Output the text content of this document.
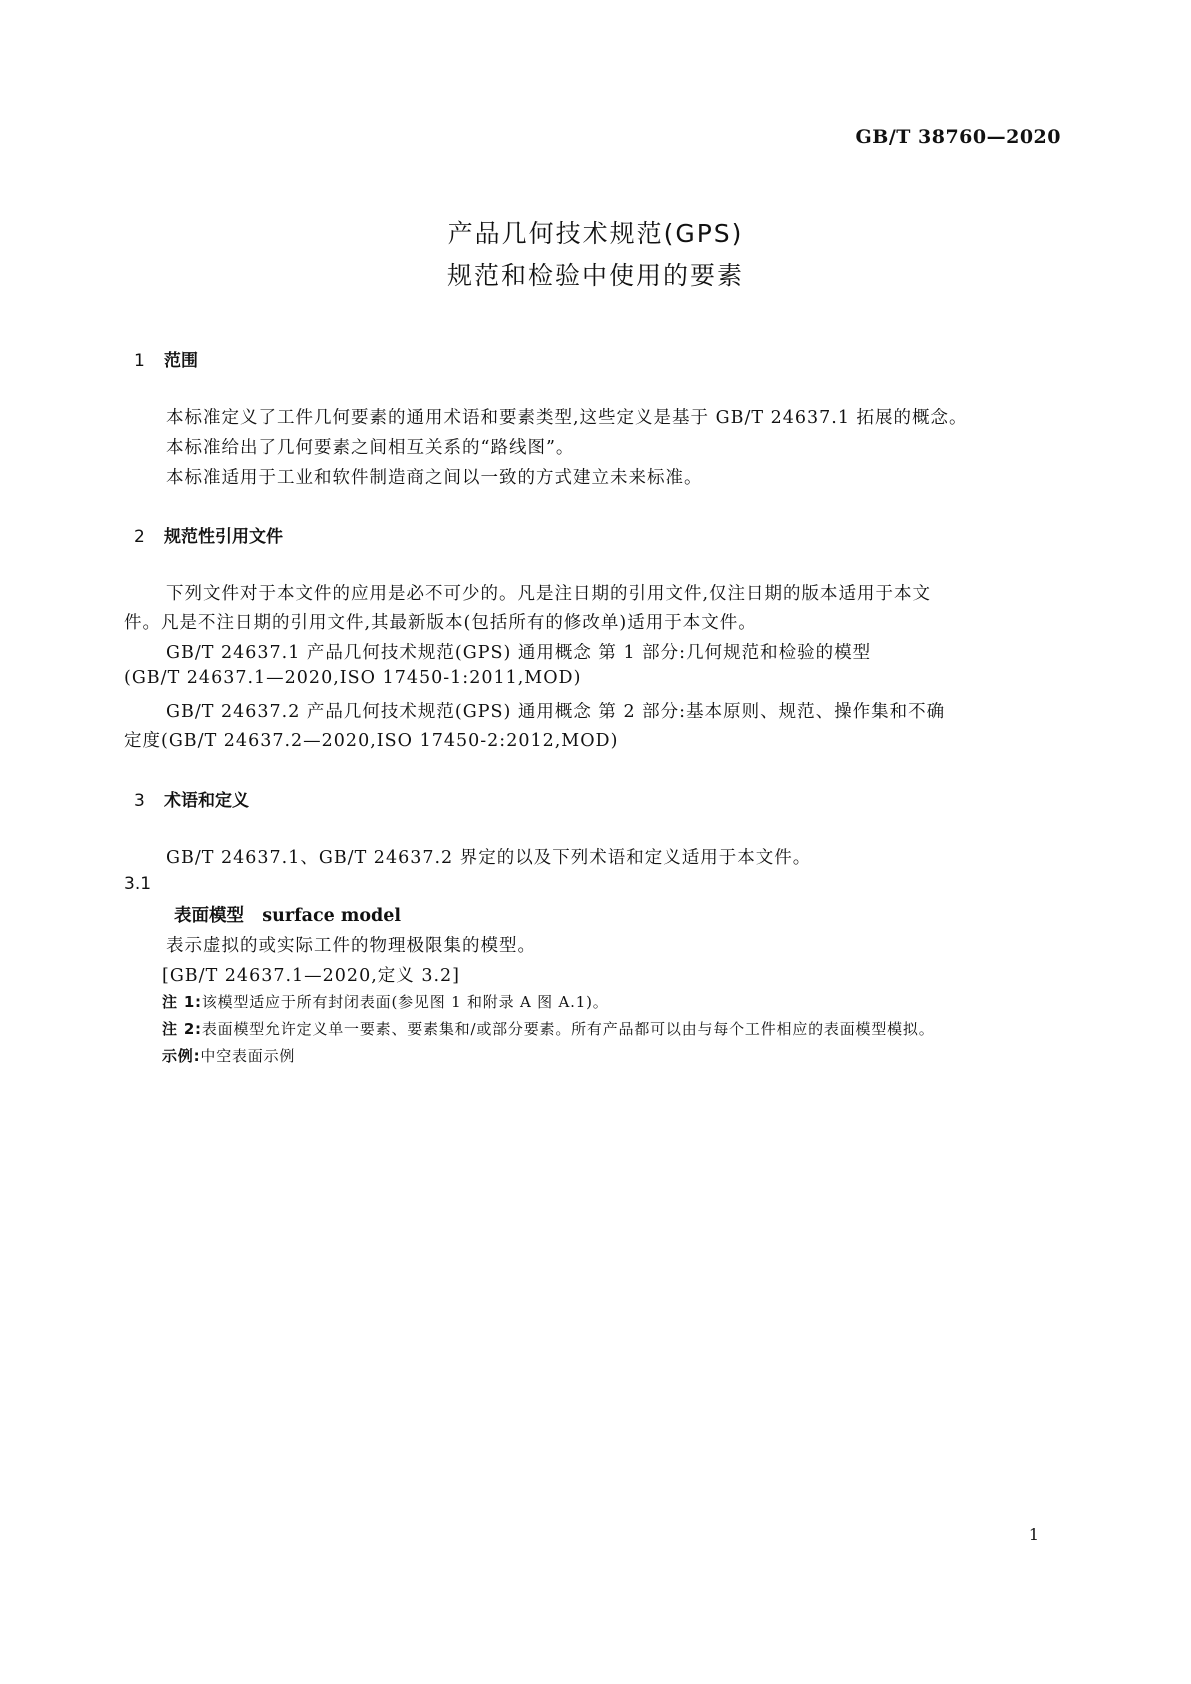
GB/T 38760—2020
产品几何技术规范(GPS)
规范和检验中使用的要素
1 范围
本标准定义了工件几何要素的通用术语和要素类型,这些定义是基于 GB/T 24637.1 拓展的概念。
本标准给出了几何要素之间相互关系的“路线图”。
本标准适用于工业和软件制造商之间以一致的方式建立未来标准。
2 规范性引用文件
下列文件对于本文件的应用是必不可少的。凡是注日期的引用文件,仅注日期的版本适用于本文
件。凡是不注日期的引用文件,其最新版本(包括所有的修改单)适用于本文件。
GB/T 24637.1 产品几何技术规范(GPS) 通用概念 第 1 部分:几何规范和检验的模型
(GB/T 24637.1—2020,ISO 17450-1:2011,MOD)
GB/T 24637.2 产品几何技术规范(GPS) 通用概念 第 2 部分:基本原则、规范、操作集和不确
定度(GB/T 24637.2—2020,ISO 17450-2:2012,MOD)
3 术语和定义
GB/T 24637.1、GB/T 24637.2 界定的以及下列术语和定义适用于本文件。
3.1
表面模型 surface model
表示虚拟的或实际工件的物理极限集的模型。
[GB/T 24637.1—2020,定义 3.2]
注 1:该模型适应于所有封闭表面(参见图 1 和附录 A 图 A.1)。
注 2:表面模型允许定义单一要素、要素集和/或部分要素。所有产品都可以由与每个工件相应的表面模型模拟。
示例:中空表面示例
1
